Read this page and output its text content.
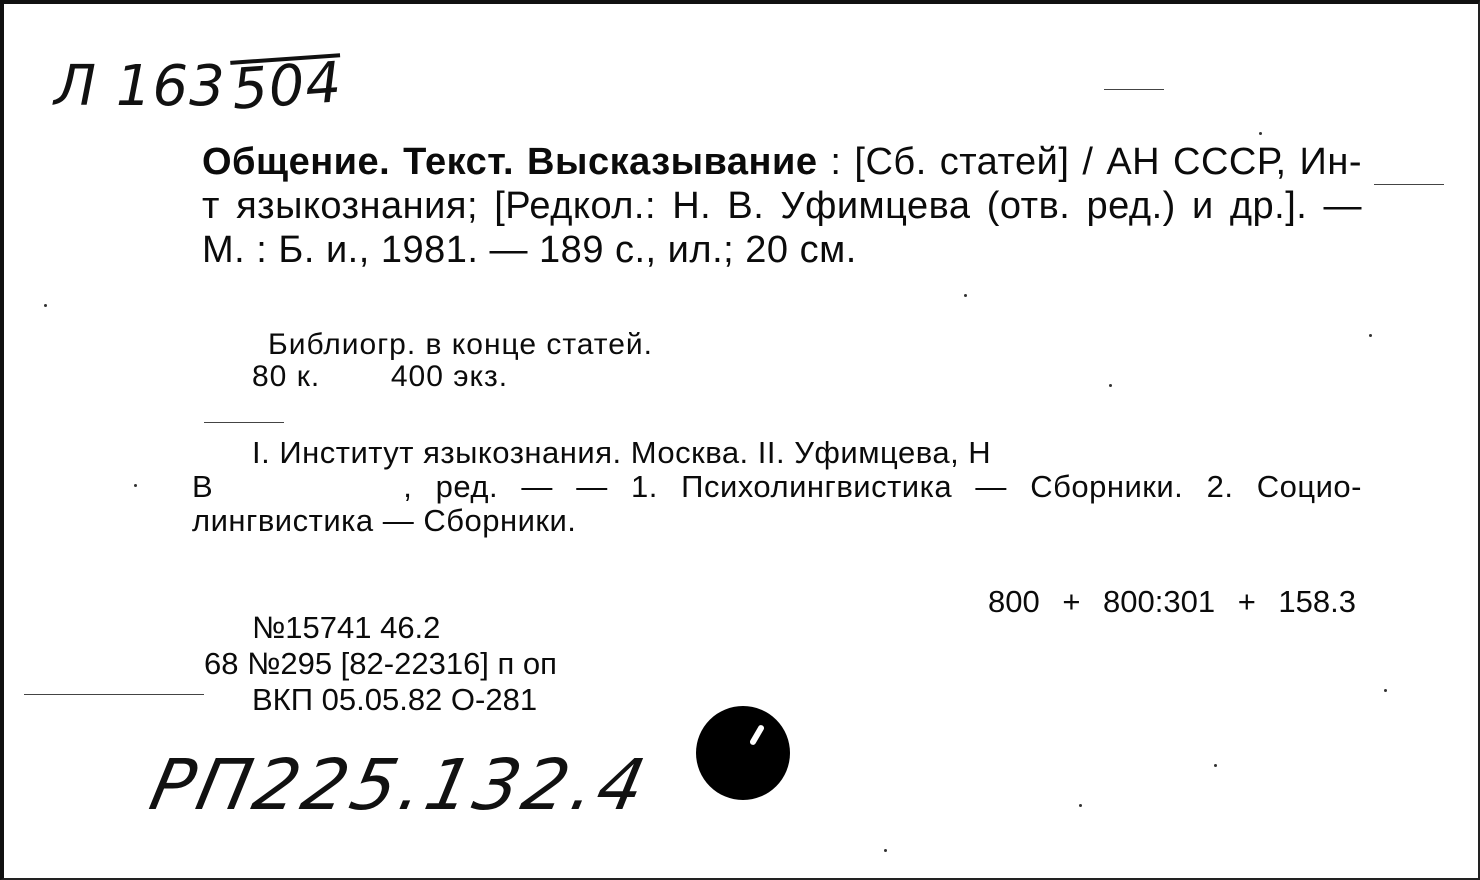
Л 163504
Общение. Текст. Высказывание : [Сб. статей] / АН СССР, Ин-т языкознания; [Редкол.: Н. В. Уфимцева (отв. ред.) и др.]. — М. : Б. и., 1981. — 189 с., ил.; 20 см.
Библиогр. в конце статей.
80 к. 400 экз.
I. Институт языкознания. Москва. II. Уфимцева, Н
В	, ред. — — 1. Психолингвистика — Сборники. 2. Социо-
лингвистика — Сборники.
800 + 800:301 + 158.3
№15741 46.2
68 №295 [82-22316] п оп
ВКП 05.05.82 О-281
РП225.132.4
